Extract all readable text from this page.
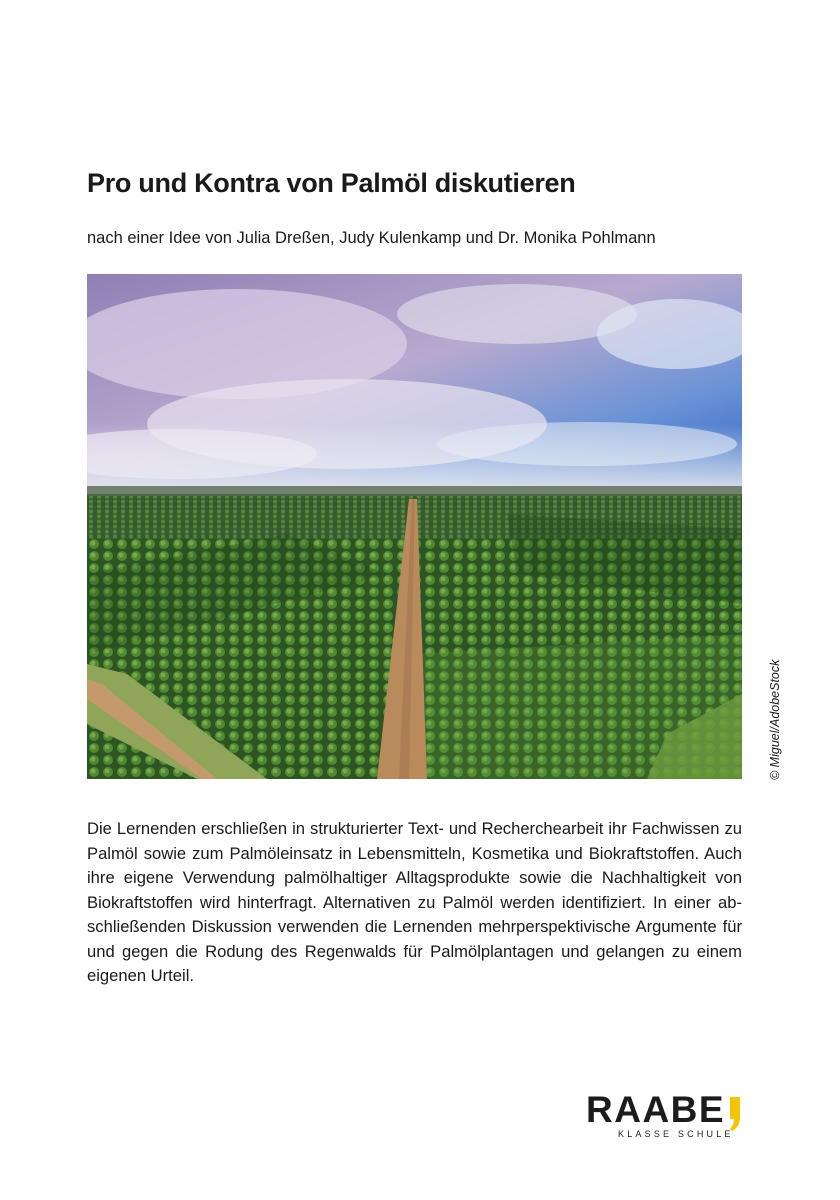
Pro und Kontra von Palmöl diskutieren

nach einer Idee von Julia Dreßen, Judy Kulenkamp und Dr. Monika Pohlmann

© Miguel/AdobeStock

Die Lernenden erschließen in strukturierter Text- und Recherchearbeit ihr Fachwissen zu Palmöl sowie zum Palmöleinsatz in Lebensmitteln, Kosmetika und Biokraftstoffen. Auch ihre eigene Verwendung palmölhaltiger Alltagsprodukte sowie die Nachhaltigkeit von Biokraftstoffen wird hinterfragt. Alternativen zu Palmöl werden identifiziert. In einer abschließenden Diskussion verwenden die Lernenden mehrperspektivische Argumente für und gegen die Rodung des Regenwalds für Palmölplantagen und gelangen zu einem eigenen Urteil.

RAABE
KLASSE SCHULE
